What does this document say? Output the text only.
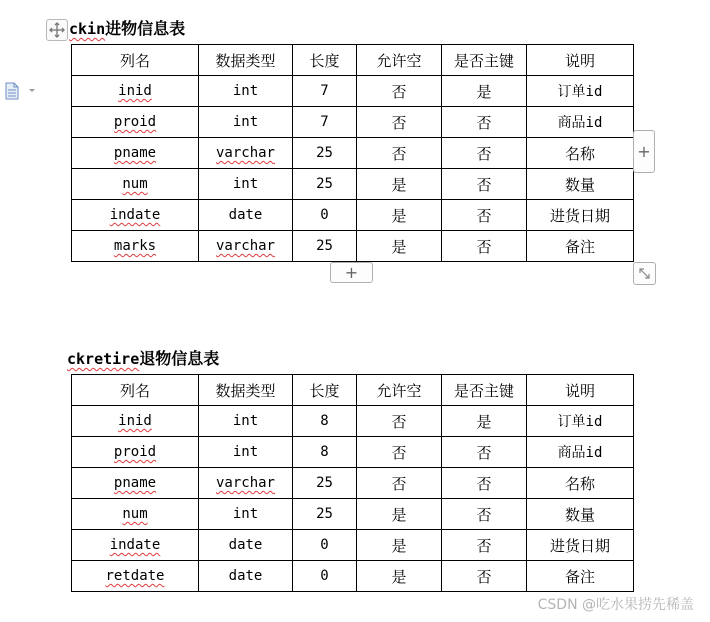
ckin进物信息表
列名	数据类型	长度	允许空	是否主键	说明
inid	int	7	否	是	订单id
proid	int	7	否	否	商品id
pname	varchar	25	否	否	名称
num	int	25	是	否	数量
indate	date	0	是	否	进货日期
marks	varchar	25	是	否	备注
ckretire退物信息表
列名	数据类型	长度	允许空	是否主键	说明
inid	int	8	否	是	订单id
proid	int	8	否	否	商品id
pname	varchar	25	否	否	名称
num	int	25	是	否	数量
indate	date	0	是	否	进货日期
retdate	date	0	是	否	备注
+
+
CSDN @吃水果捞先稀盖
